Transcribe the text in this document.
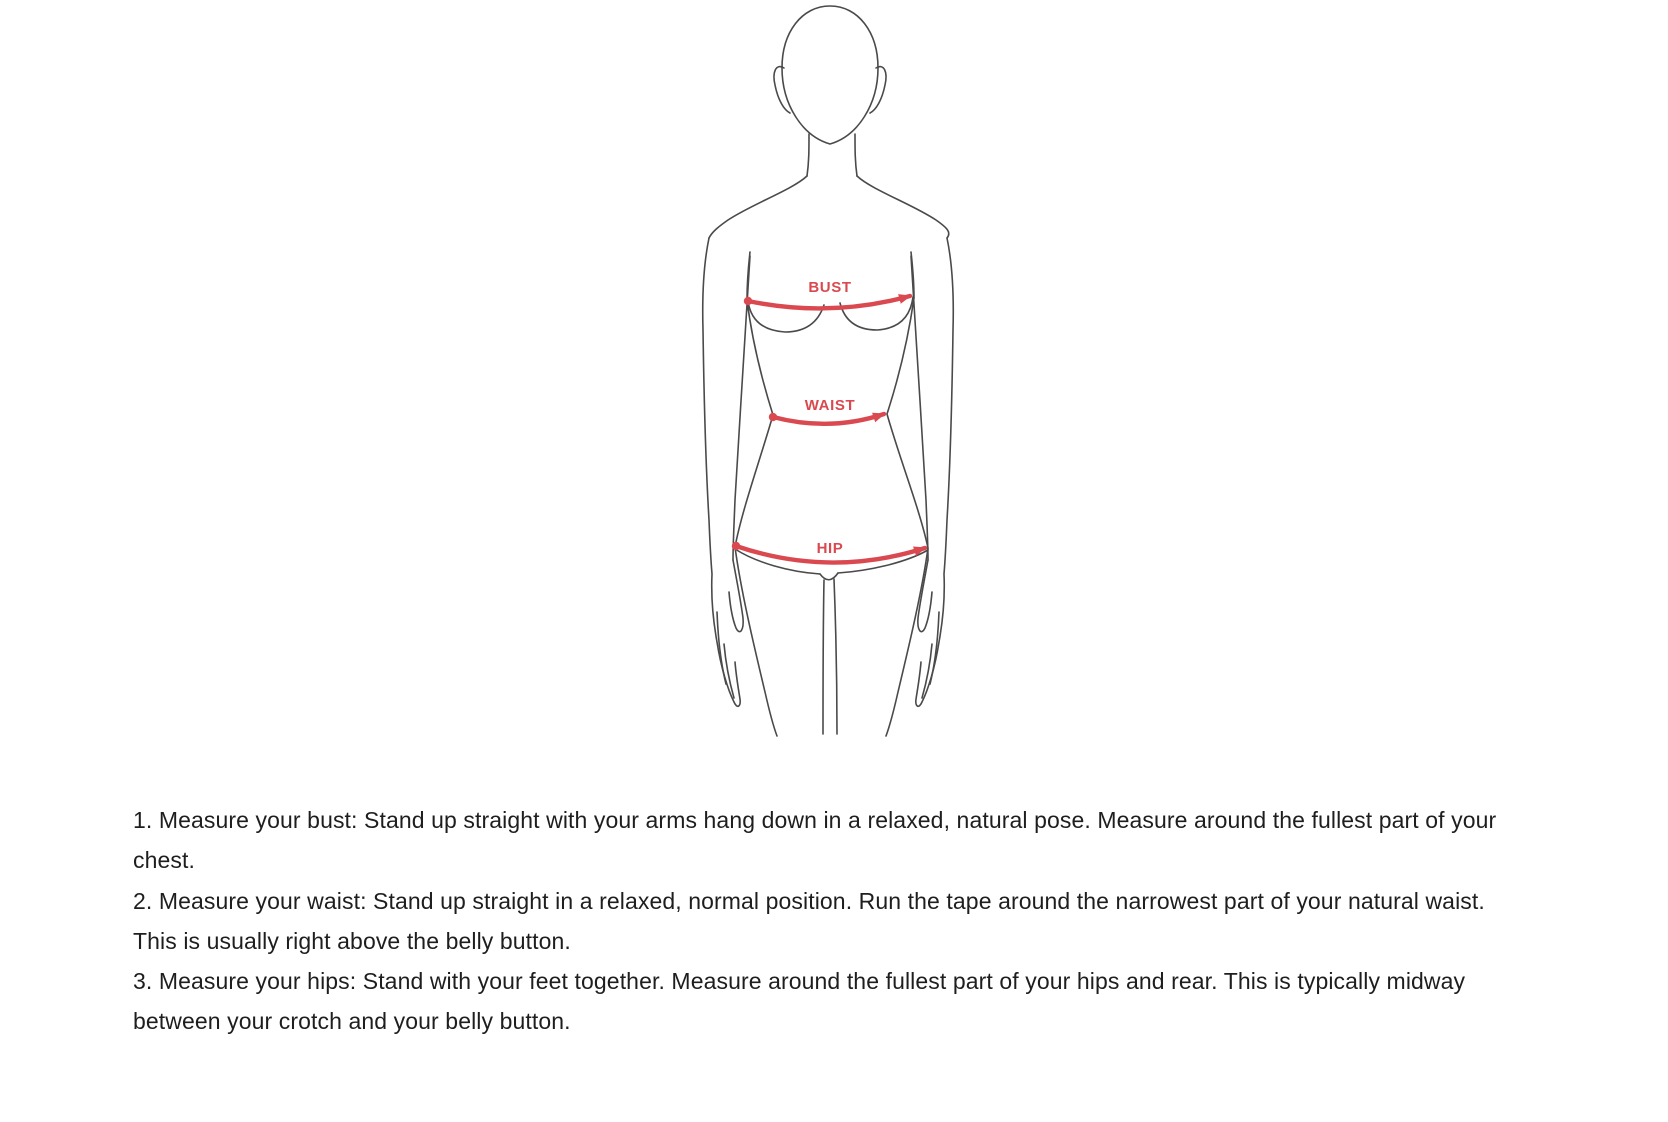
BUST
WAIST
HIP

1. Measure your bust: Stand up straight with your arms hang down in a relaxed, natural pose. Measure around the fullest part of your chest.

2. Measure your waist: Stand up straight in a relaxed, normal position. Run the tape around the narrowest part of your natural waist. This is usually right above the belly button.

3. Measure your hips: Stand with your feet together. Measure around the fullest part of your hips and rear. This is typically midway between your crotch and your belly button.
